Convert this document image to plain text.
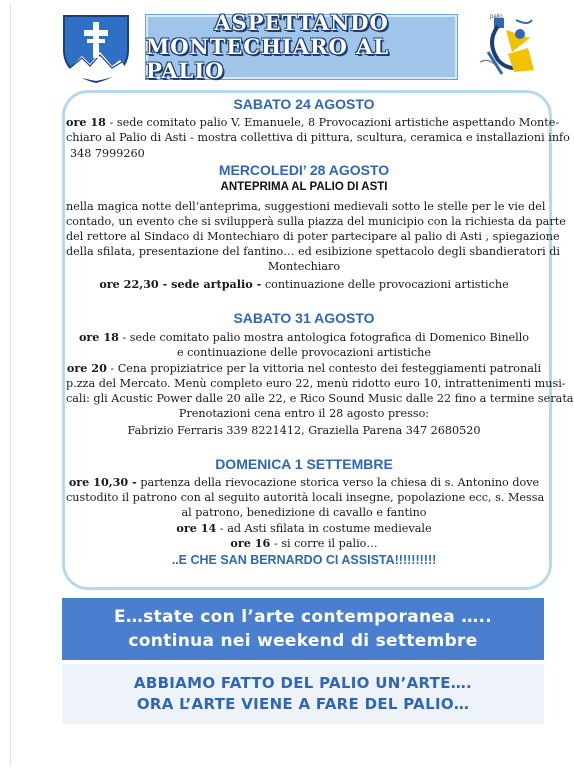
ASPETTANDO
MONTECHIARO AL PALIO
palio
SABATO 24 AGOSTO
ore 18 - sede comitato palio V. Emanuele, 8 Provocazioni artistiche aspettando Monte-
chiaro al Palio di Asti - mostra collettiva di pittura, scultura, ceramica e installazioni info
348 7999260
MERCOLEDI’ 28 AGOSTO
ANTEPRIMA AL PALIO DI ASTI
nella magica notte dell’anteprima, suggestioni medievali sotto le stelle per le vie del
contado, un evento che si svilupperà sulla piazza del municipio con la richiesta da parte
del rettore al Sindaco di Montechiaro di poter partecipare al palio di Asti , spiegazione
della sfilata, presentazione del fantino… ed esibizione spettacolo degli sbandieratori di
Montechiaro
ore 22,30 - sede artpalio - continuazione delle provocazioni artistiche
SABATO 31 AGOSTO
ore 18 - sede comitato palio mostra antologica fotografica di Domenico Binello
e continuazione delle provocazioni artistiche
ore 20 - Cena propiziatrice per la vittoria nel contesto dei festeggiamenti patronali
p.zza del Mercato. Menù completo euro 22, menù ridotto euro 10, intrattenimenti musi-
cali: gli Acustic Power dalle 20 alle 22, e Rico Sound Music dalle 22 fino a termine serata
Prenotazioni cena entro il 28 agosto presso:
Fabrizio Ferraris 339 8221412, Graziella Parena 347 2680520
DOMENICA 1 SETTEMBRE
ore 10,30 - partenza della rievocazione storica verso la chiesa di s. Antonino dove
custodito il patrono con al seguito autorità locali insegne, popolazione ecc, s. Messa
al patrono, benedizione di cavallo e fantino
ore 14 - ad Asti sfilata in costume medievale
ore 16 - si corre il palio…
..E CHE SAN BERNARDO CI ASSISTA!!!!!!!!!!
E…state con l’arte contemporanea …..
continua nei weekend di settembre
ABBIAMO FATTO DEL PALIO UN’ARTE….
ORA L’ARTE VIENE A FARE DEL PALIO…
